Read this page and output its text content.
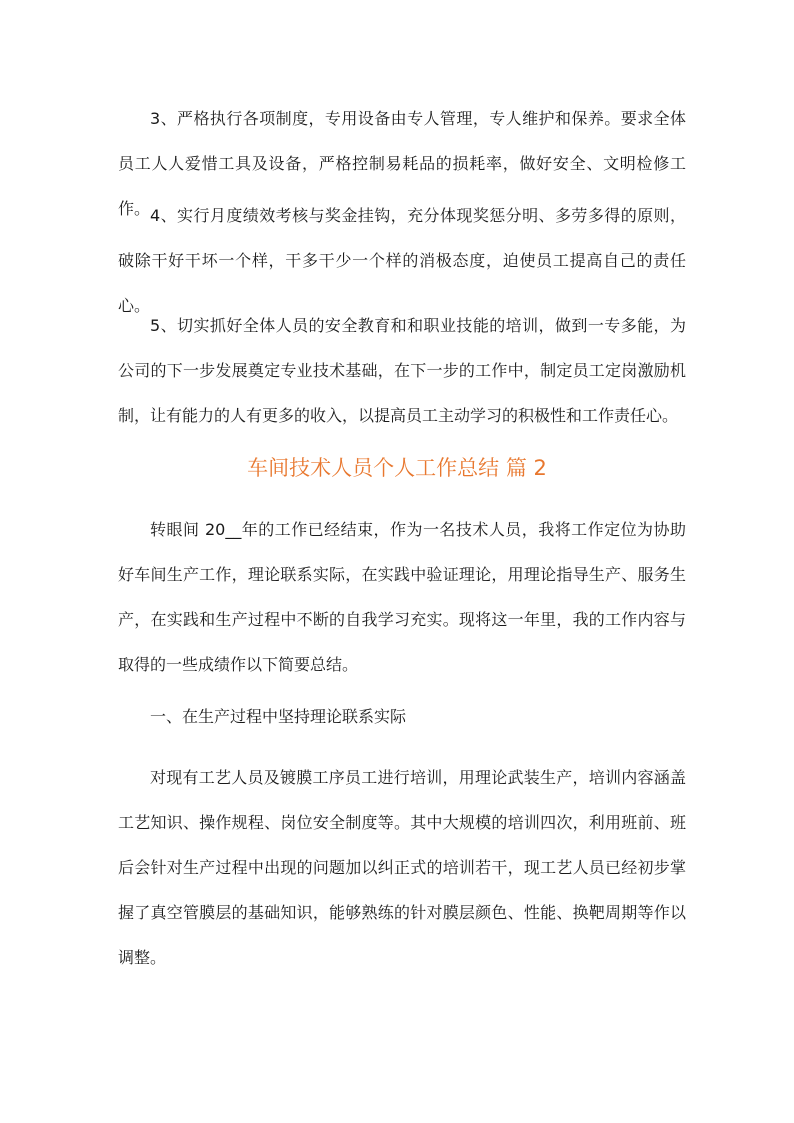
3、严格执行各项制度，专用设备由专人管理，专人维护和保养。要求全体员工人人爱惜工具及设备，严格控制易耗品的损耗率，做好安全、文明检修工作。 4、实行月度绩效考核与奖金挂钩，充分体现奖惩分明、多劳多得的原则，破除干好干坏一个样，干多干少一个样的消极态度，迫使员工提高自己的责任心。

5、切实抓好全体人员的安全教育和和职业技能的培训，做到一专多能，为公司的下一步发展奠定专业技术基础，在下一步的工作中，制定员工定岗激励机制，让有能力的人有更多的收入，以提高员工主动学习的积极性和工作责任心。

车间技术人员个人工作总结 篇 2

转眼间 20__年的工作已经结束，作为一名技术人员，我将工作定位为协助好车间生产工作，理论联系实际，在实践中验证理论，用理论指导生产、服务生产，在实践和生产过程中不断的自我学习充实。现将这一年里，我的工作内容与取得的一些成绩作以下简要总结。

一、在生产过程中坚持理论联系实际

对现有工艺人员及镀膜工序员工进行培训，用理论武装生产，培训内容涵盖工艺知识、操作规程、岗位安全制度等。其中大规模的培训四次，利用班前、班后会针对生产过程中出现的问题加以纠正式的培训若干，现工艺人员已经初步掌握了真空管膜层的基础知识，能够熟练的针对膜层颜色、性能、换靶周期等作以调整。
